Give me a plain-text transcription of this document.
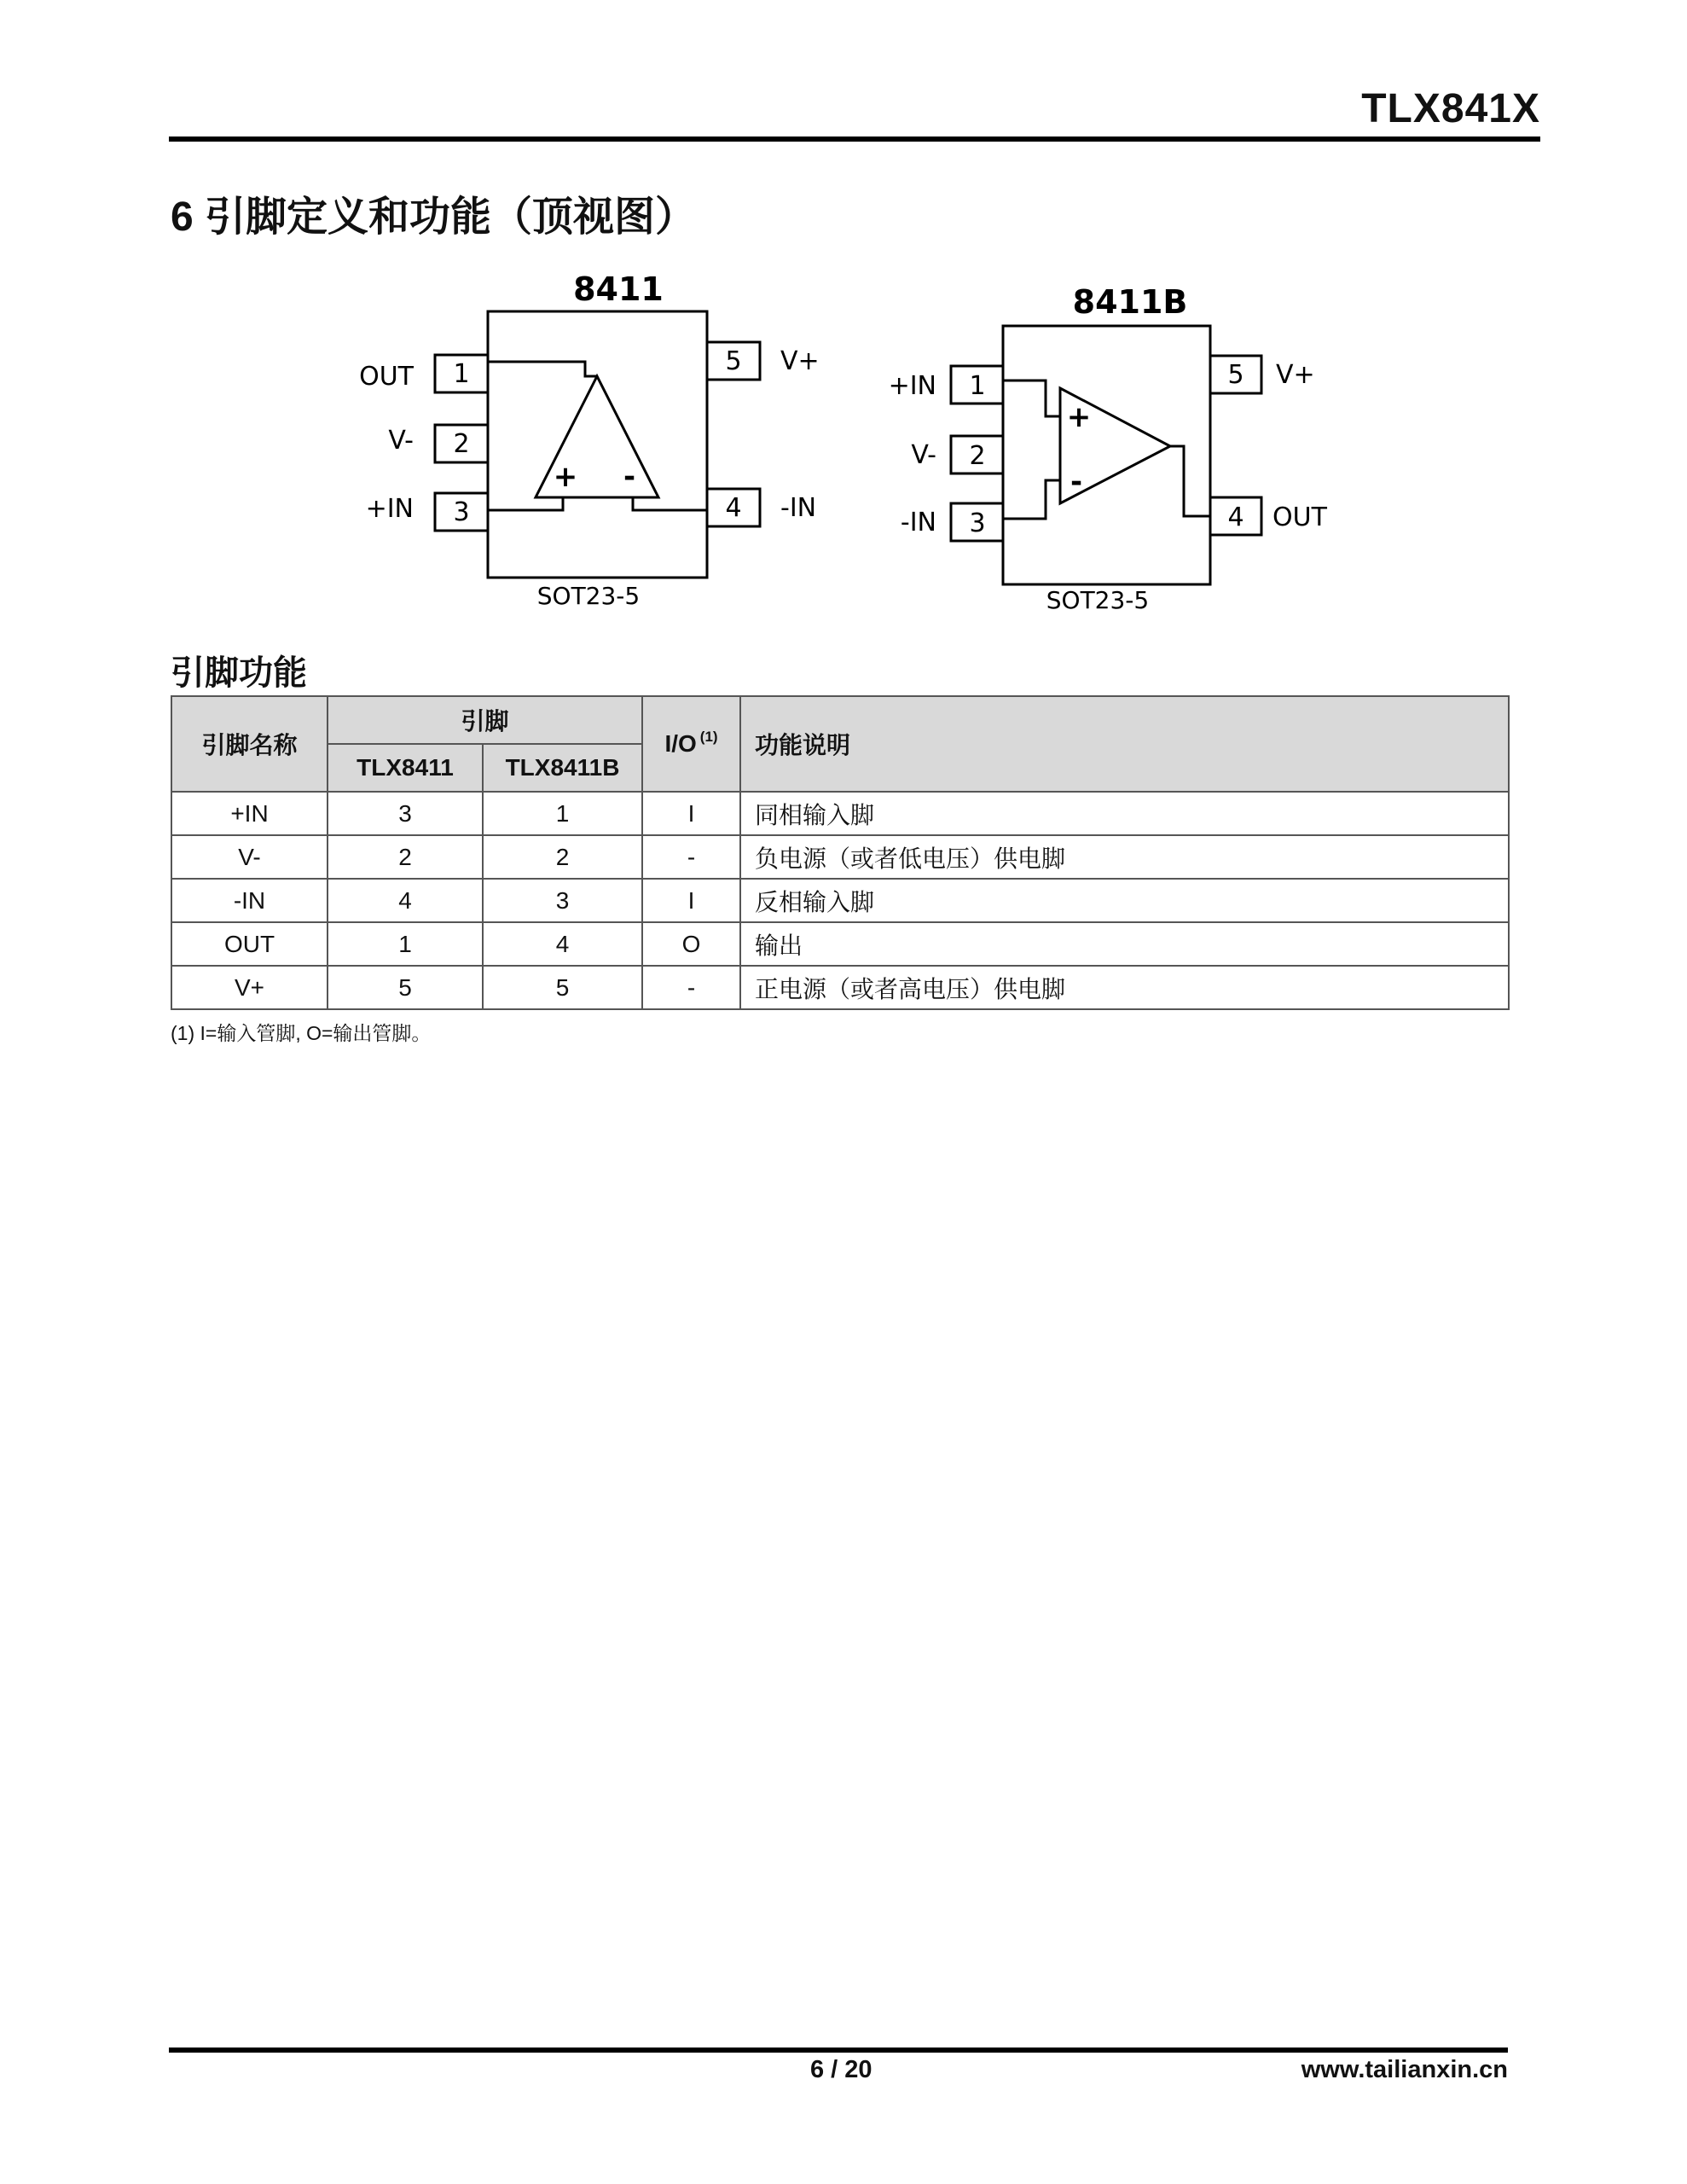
TLX841X
6 引脚定义和功能（顶视图）
8411
1
2
3	4
5
OUT
V-
+IN	-IN
V+
+ -
SOT23-5
8411B
1
2
3	4
5
+IN
V-
-IN	OUT
V+
+
-
SOT23-5
引脚功能
引脚名称	引脚		I/O $^{(1)}$	功能说明
	TLX8411	TLX8411B		
+IN	3	1	I	同相输入脚
V-	2	2	-	负电源（或者低电压）供电脚
-IN	4	3	I	反相输入脚
OUT	1	4	O	输出
V+	5	5	-	正电源（或者高电压）供电脚
(1) I=输入管脚, O=输出管脚。
6 / 20	www.tailianxin.cn
